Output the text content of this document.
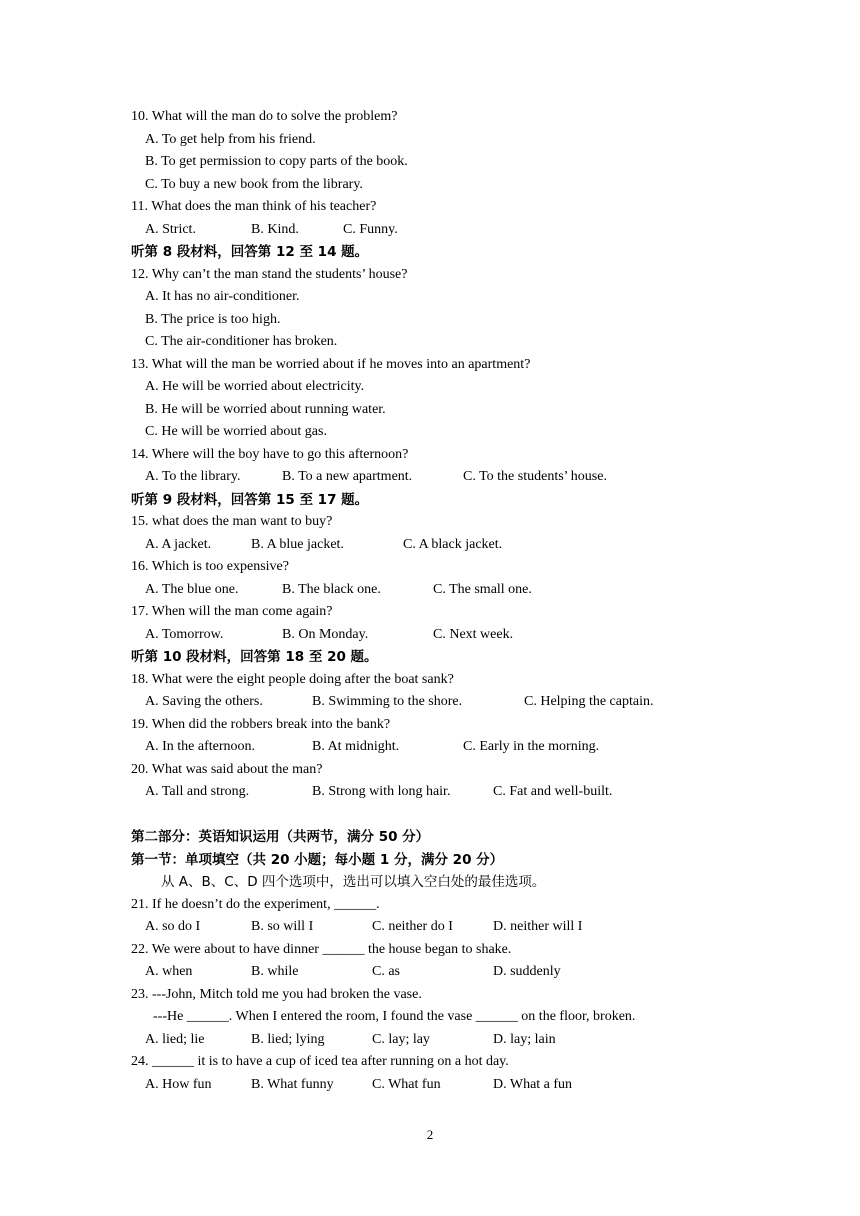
10. What will the man do to solve the problem?
A. To get help from his friend.
B. To get permission to copy parts of the book.
C. To buy a new book from the library.
11. What does the man think of his teacher?
A. Strict.	B. Kind.	C. Funny.
听第 8 段材料，回答第 12 至 14 题。
12. Why can’t the man stand the students’ house?
A. It has no air-conditioner.
B. The price is too high.
C. The air-conditioner has broken.
13. What will the man be worried about if he moves into an apartment?
A. He will be worried about electricity.
B. He will be worried about running water.
C. He will be worried about gas.
14. Where will the boy have to go this afternoon?
A. To the library.	B. To a new apartment.	C. To the students’ house.
听第 9 段材料，回答第 15 至 17 题。
15. what does the man want to buy?
A. A jacket.	B. A blue jacket.	C. A black jacket.
16. Which is too expensive?
A. The blue one.	B. The black one.	C. The small one.
17. When will the man come again?
A. Tomorrow.	B. On Monday.	C. Next week.
听第 10 段材料，回答第 18 至 20 题。
18. What were the eight people doing after the boat sank?
A. Saving the others.	B. Swimming to the shore.	C. Helping the captain.
19. When did the robbers break into the bank?
A. In the afternoon.	B. At midnight.	C. Early in the morning.
20. What was said about the man?
A. Tall and strong.	B. Strong with long hair.	C. Fat and well-built.
第二部分：英语知识运用（共两节，满分 50 分）
第一节：单项填空（共 20 小题；每小题 1 分，满分 20 分）
从 A、B、C、D 四个选项中，选出可以填入空白处的最佳选项。
21. If he doesn’t do the experiment, ______.
A. so do I	B. so will I	C. neither do I	D. neither will I
22. We were about to have dinner ______ the house began to shake.
A. when	B. while	C. as	D. suddenly
23. ---John, Mitch told me you had broken the vase.
---He ______. When I entered the room, I found the vase ______ on the floor, broken.
A. lied; lie	B. lied; lying	C. lay; lay	D. lay; lain
24. ______ it is to have a cup of iced tea after running on a hot day.
A. How fun	B. What funny	C. What fun	D. What a fun
2
